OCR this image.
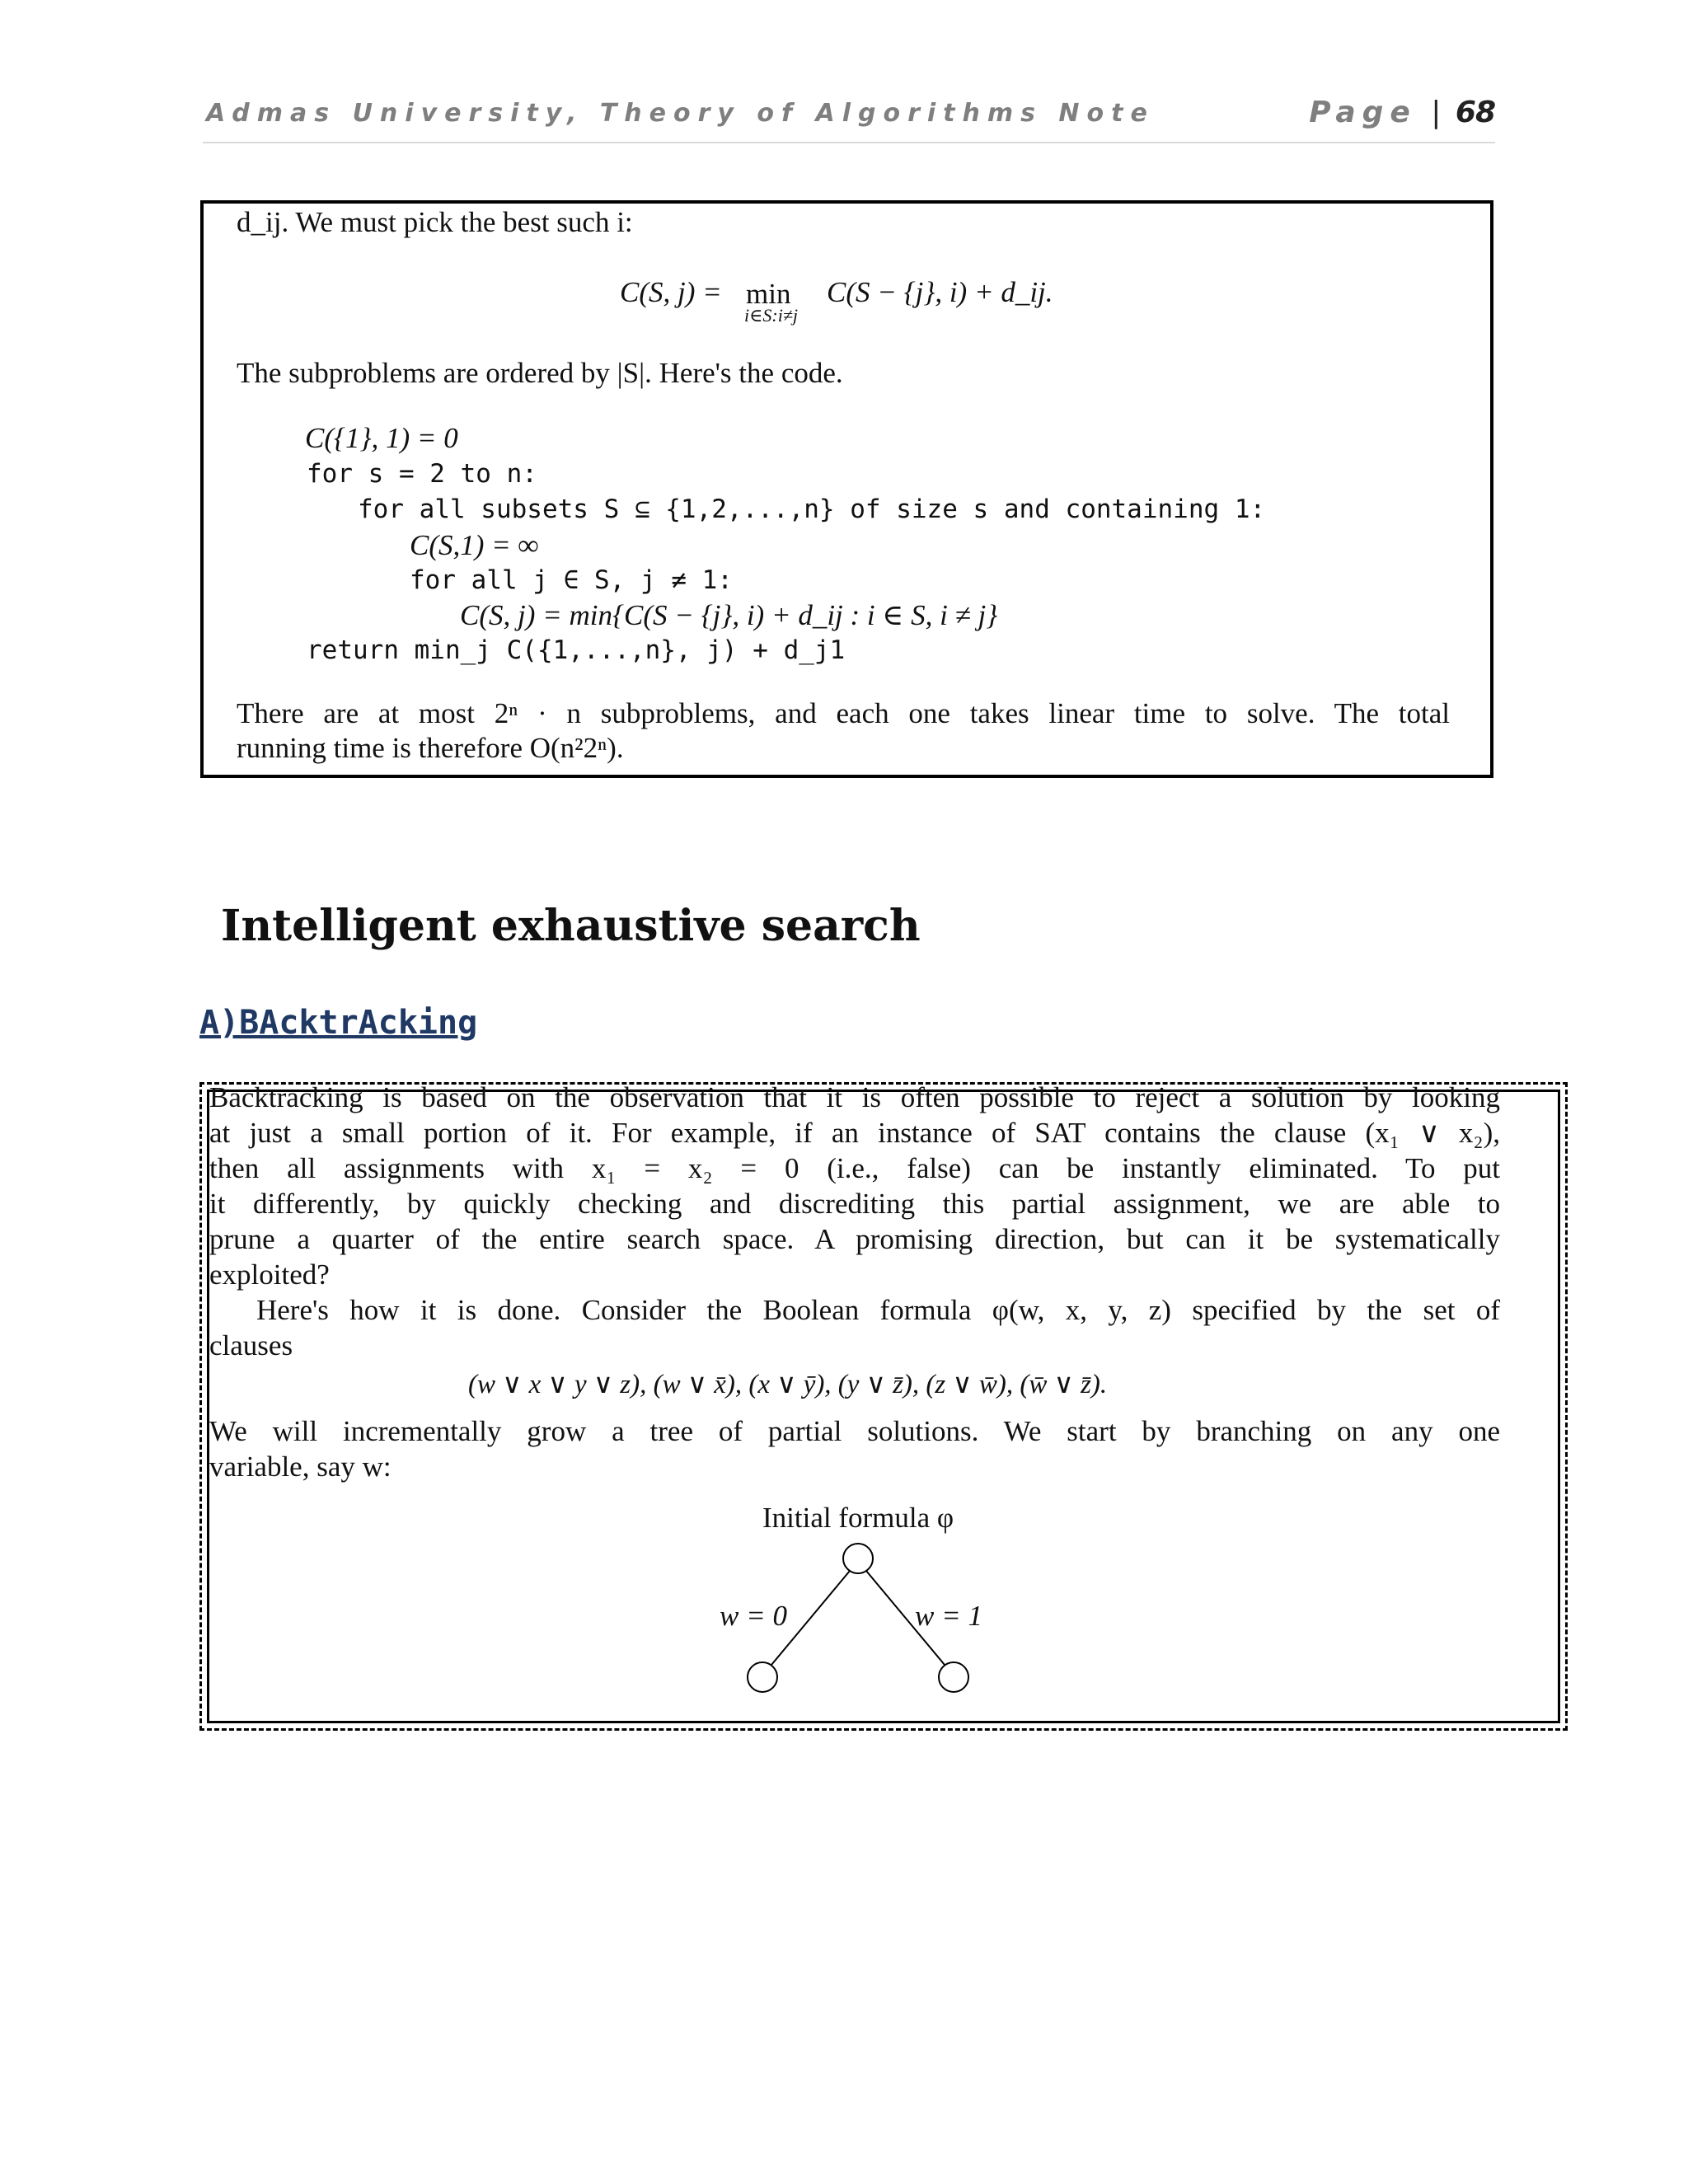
Admas University, Theory of Algorithms Note	Page | 68
d_ij. We must pick the best such i:
C(S, j) = min
i∈S:i≠j
C(S − {j}, i) + d_ij.
The subproblems are ordered by |S|. Here's the code.
C({1}, 1) = 0
for s = 2 to n:
for all subsets S ⊆ {1,2,...,n} of size s and containing 1:
C(S,1) = ∞
for all j ∈ S, j ≠ 1:
C(S, j) = min{C(S − {j}, i) + d_ij : i ∈ S, i ≠ j}
return min_j C({1,...,n}, j) + d_j1
There are at most 2ⁿ · n subproblems, and each one takes linear time to solve. The total
running time is therefore O(n²2ⁿ).
Intelligent exhaustive search
A)BAcktrAcking
Backtracking is based on the observation that it is often possible to reject a solution by looking
at just a small portion of it. For example, if an instance of SAT contains the clause (x₁ ∨ x₂),
then all assignments with x₁ = x₂ = 0 (i.e., false) can be instantly eliminated. To put
it differently, by quickly checking and discrediting this partial assignment, we are able to
prune a quarter of the entire search space. A promising direction, but can it be systematically
exploited?
Here's how it is done. Consider the Boolean formula φ(w, x, y, z) specified by the set of
clauses
(w ∨ x ∨ y ∨ z), (w ∨ x̄), (x ∨ ȳ), (y ∨ z̄), (z ∨ w̄), (w̄ ∨ z̄).
We will incrementally grow a tree of partial solutions. We start by branching on any one
variable, say w:
Initial formula φ
w = 0	w = 1
